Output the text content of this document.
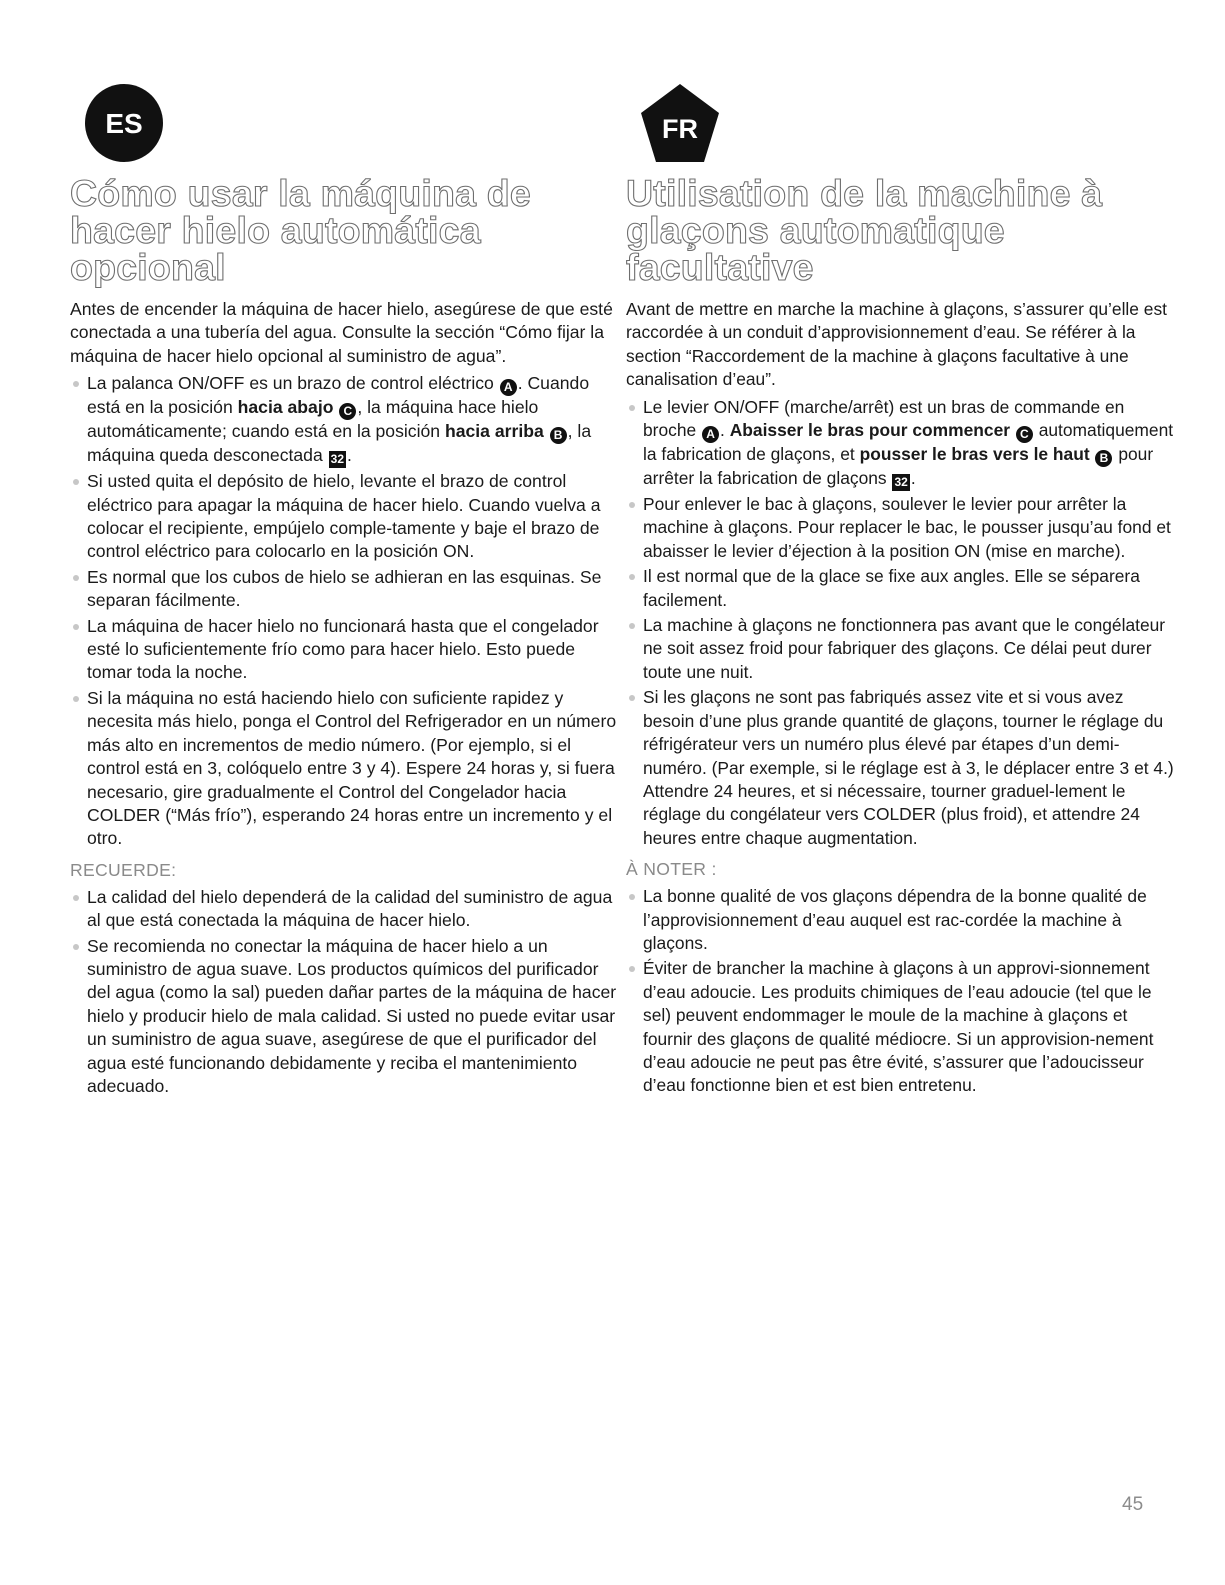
ES
Cómo usar la máquina de
hacer hielo automática
opcional

Antes de encender la máquina de hacer hielo, asegúrese de que esté conectada a una tubería del agua. Consulte la sección “Cómo fijar la máquina de hacer hielo opcional al suministro de agua”.

La palanca ON/OFF es un brazo de control eléctrico A . Cuando está en la posición hacia abajo C , la máquina hace hielo automáticamente; cuando está en la posición hacia arriba B , la máquina queda desconectada 32 .
Si usted quita el depósito de hielo, levante el brazo de control eléctrico para apagar la máquina de hacer hielo. Cuando vuelva a colocar el recipiente, empújelo comple-tamente y baje el brazo de control eléctrico para colocarlo en la posición ON.
Es normal que los cubos de hielo se adhieran en las esquinas. Se separan fácilmente.
La máquina de hacer hielo no funcionará hasta que el congelador esté lo suficientemente frío como para hacer hielo. Esto puede tomar toda la noche.
Si la máquina no está haciendo hielo con suficiente rapidez y necesita más hielo, ponga el Control del Refrigerador en un número más alto en incrementos de medio número. (Por ejemplo, si el control está en 3, colóquelo entre 3 y 4). Espere 24 horas y, si fuera necesario, gire gradualmente el Control del Congelador hacia COLDER (“Más frío”), esperando 24 horas entre un incremento y el otro.
RECUERDE:
La calidad del hielo dependerá de la calidad del suministro de agua al que está conectada la máquina de hacer hielo.
Se recomienda no conectar la máquina de hacer hielo a un suministro de agua suave. Los productos químicos del purificador del agua (como la sal) pueden dañar partes de la máquina de hacer hielo y producir hielo de mala calidad. Si usted no puede evitar usar un suministro de agua suave, asegúrese de que el purificador del agua esté funcionando debidamente y reciba el mantenimiento adecuado.
FR
Utilisation de la machine à
glaçons automatique
facultative

Avant de mettre en marche la machine à glaçons, s’assurer qu’elle est raccordée à un conduit d’approvisionnement d’eau. Se référer à la section “Raccordement de la machine à glaçons facultative à une canalisation d’eau”.

Le levier ON/OFF (marche/arrêt) est un bras de commande en broche A . Abaisser le bras pour commencer C automatiquement la fabrication de glaçons, et pousser le bras vers le haut B pour arrêter la fabrication de glaçons 32 .
Pour enlever le bac à glaçons, soulever le levier pour arrêter la machine à glaçons. Pour replacer le bac, le pousser jusqu’au fond et abaisser le levier d’éjection à la position ON (mise en marche).
Il est normal que de la glace se fixe aux angles. Elle se séparera facilement.
La machine à glaçons ne fonctionnera pas avant que le congélateur ne soit assez froid pour fabriquer des glaçons. Ce délai peut durer toute une nuit.
Si les glaçons ne sont pas fabriqués assez vite et si vous avez besoin d’une plus grande quantité de glaçons, tourner le réglage du réfrigérateur vers un numéro plus élevé par étapes d’un demi-numéro. (Par exemple, si le réglage est à 3, le déplacer entre 3 et 4.) Attendre 24 heures, et si nécessaire, tourner graduel-lement le réglage du congélateur vers COLDER (plus froid), et attendre 24 heures entre chaque augmentation.
À NOTER :
La bonne qualité de vos glaçons dépendra de la bonne qualité de l’approvisionnement d’eau auquel est rac-cordée la machine à glaçons.
Éviter de brancher la machine à glaçons à un approvi-sionnement d’eau adoucie. Les produits chimiques de l’eau adoucie (tel que le sel) peuvent endommager le moule de la machine à glaçons et fournir des glaçons de qualité médiocre. Si un approvision-nement d’eau adoucie ne peut pas être évité, s’assurer que l’adoucisseur d’eau fonctionne bien et est bien entretenu.
45
